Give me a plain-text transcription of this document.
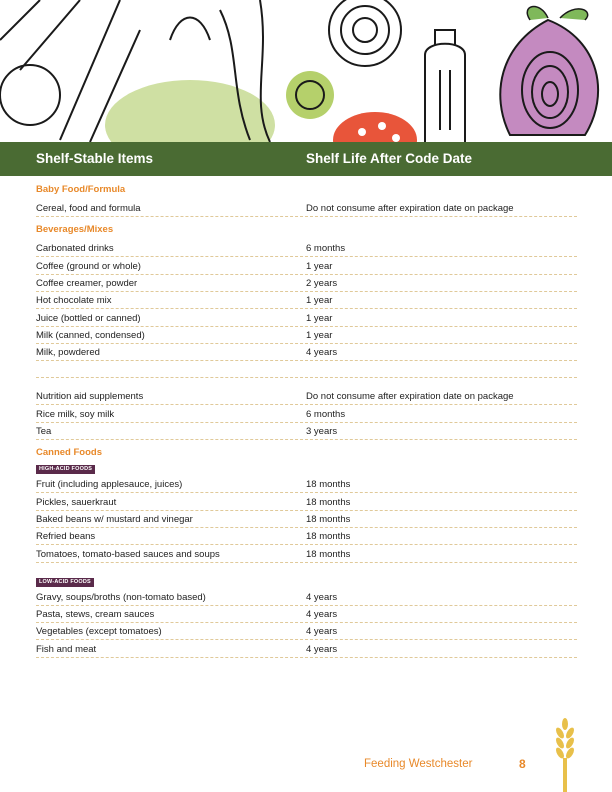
Shelf-Stable Items	Shelf Life After Code Date
Baby Food/Formula
Cereal, food and formula	Do not consume after expiration date on package
Beverages/Mixes
Carbonated drinks	6 months
Coffee (ground or whole)	1 year
Coffee creamer, powder	2 years
Hot chocolate mix	1 year
Juice (bottled or canned)	1 year
Milk (canned, condensed)	1 year
Milk, powdered	4 years
Nutrition aid supplements	Do not consume after expiration date on package
Rice milk, soy milk	6 months
Tea	3 years
Canned Foods
HIGH-ACID FOODS
Fruit (including applesauce, juices)	18 months
Pickles, sauerkraut	18 months
Baked beans w/ mustard and vinegar	18 months
Refried beans	18 months
Tomatoes, tomato-based sauces and soups	18 months
LOW-ACID FOODS
Gravy, soups/broths (non-tomato based)	4 years
Pasta, stews, cream sauces	4 years
Vegetables (except tomatoes)	4 years
Fish and meat	4 years
Feeding Westchester	8
